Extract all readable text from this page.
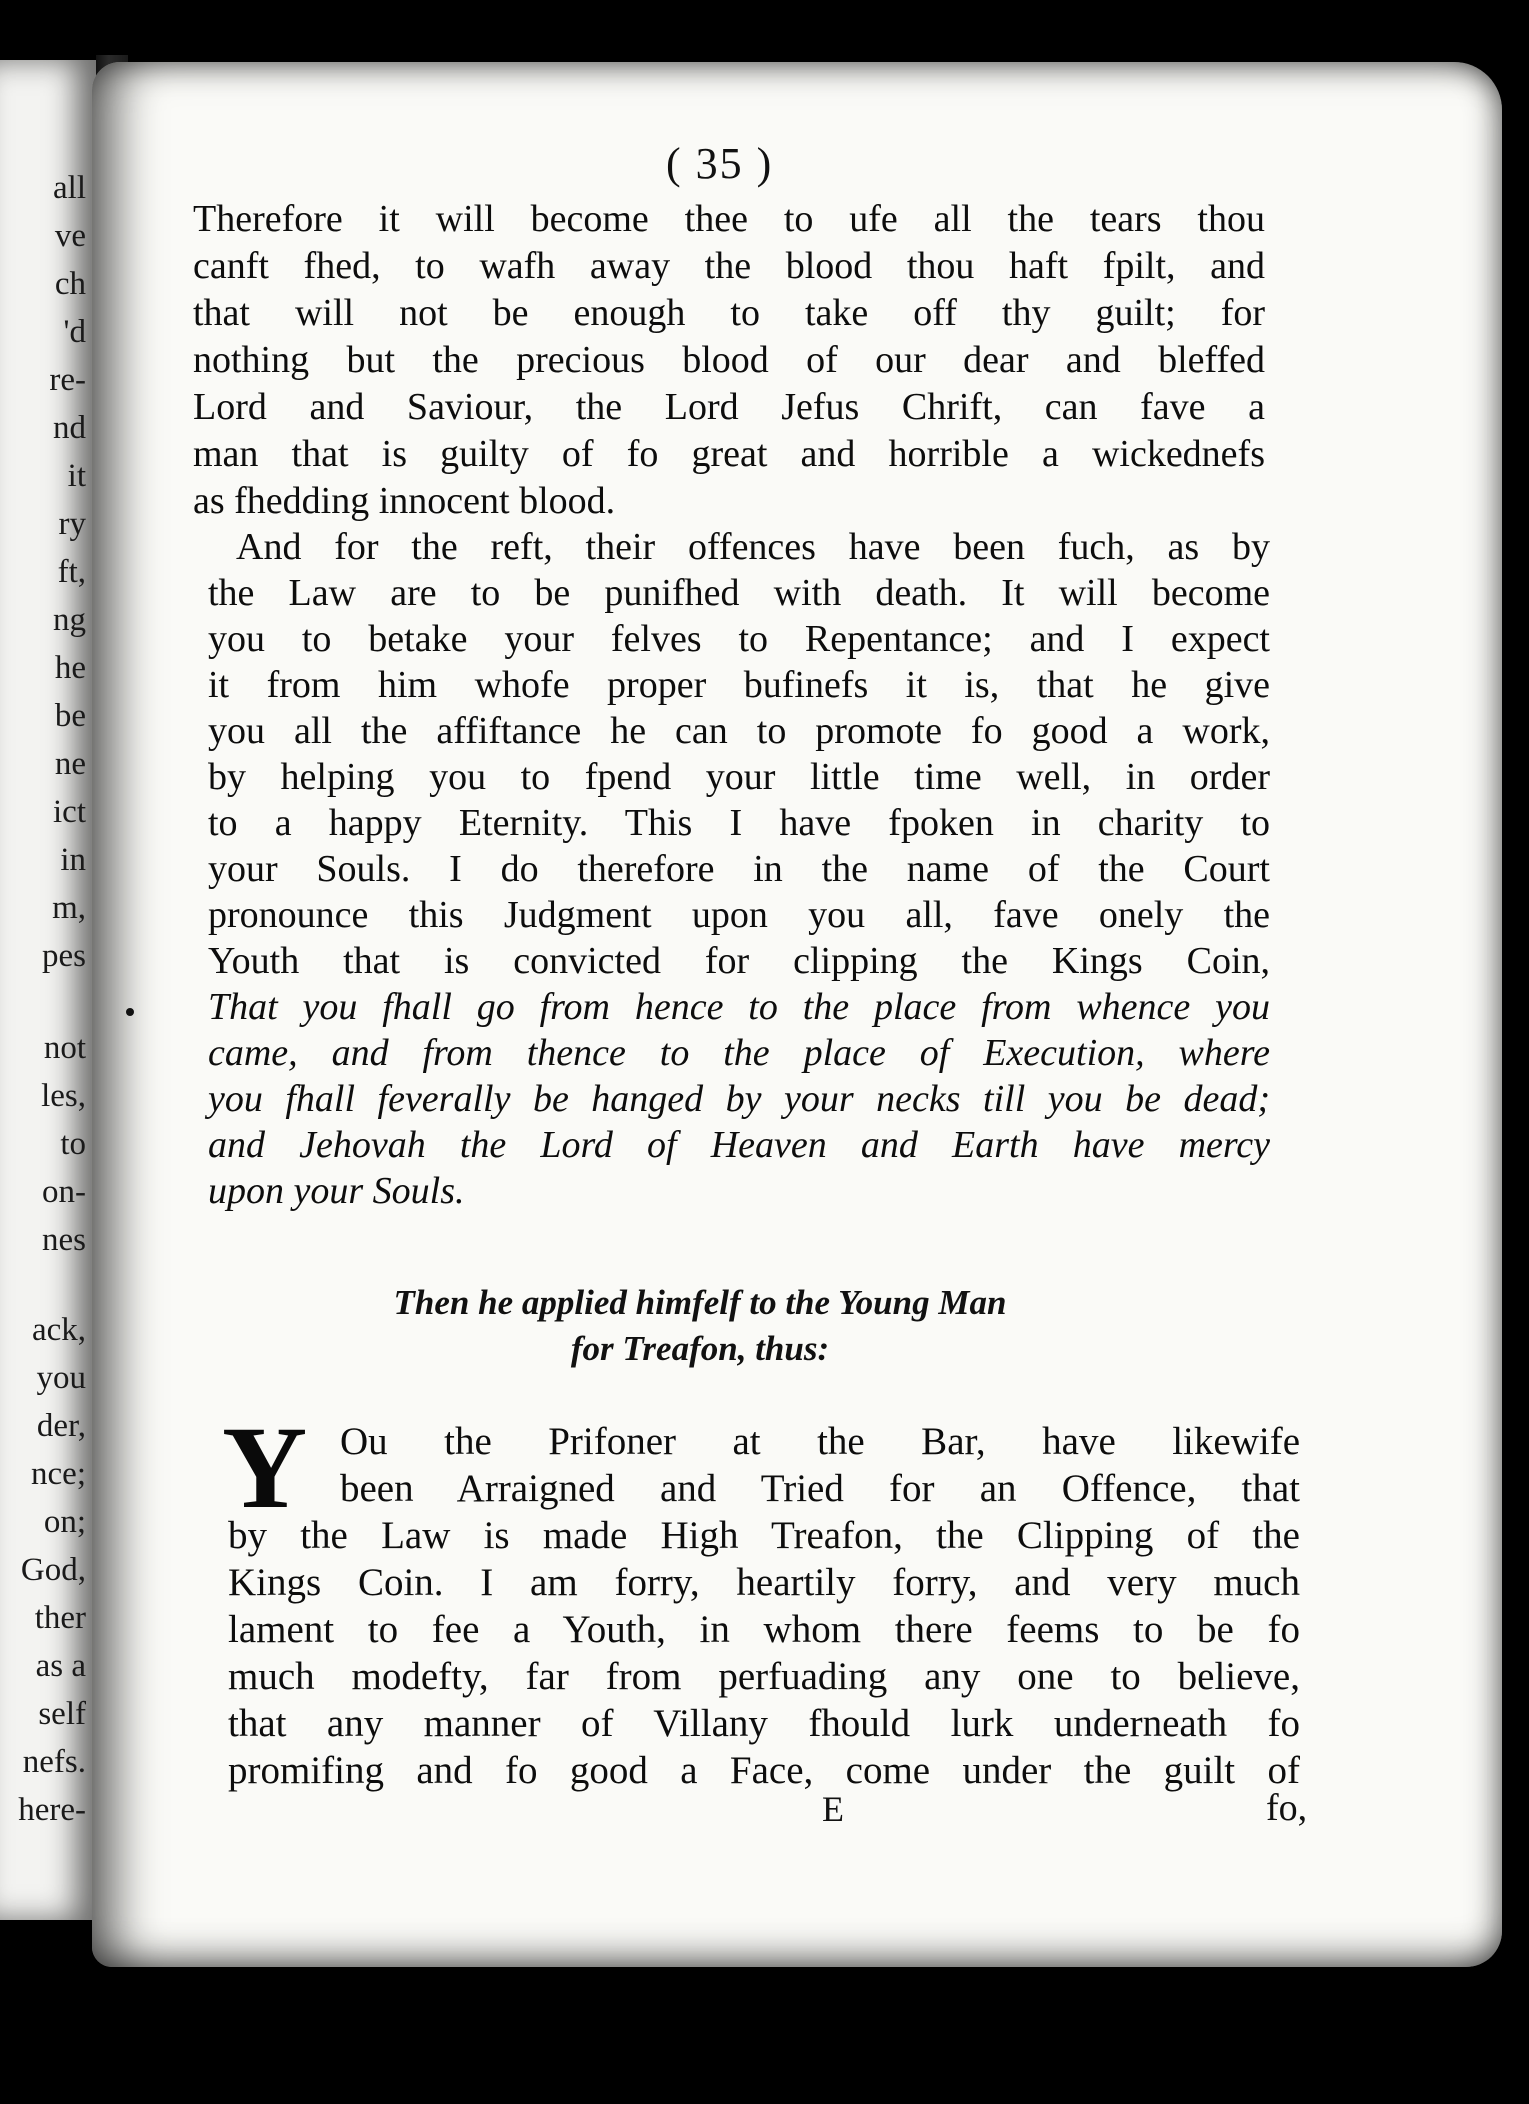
all
ve
ch
'd
re-
nd
it
ry
ft,
ng
he
be
ne
ict
in
m,
pes
not
les,
to
on-
nes
ack,
you
der,
nce;
on;
God,
ther
as a
self
nefs.
here-
( 35 )
Therefore it will become thee to ufe all the tears thou
canft fhed, to wafh away the blood thou haft fpilt, and
that will not be enough to take off thy guilt; for
nothing but the precious blood of our dear and bleffed
Lord and Saviour, the Lord Jefus Chrift, can fave a
man that is guilty of fo great and horrible a wickednefs
as fhedding innocent blood.
And for the reft, their offences have been fuch, as by
the Law are to be punifhed with death. It will become
you to betake your felves to Repentance; and I expect
it from him whofe proper bufinefs it is, that he give
you all the affiftance he can to promote fo good a work,
by helping you to fpend your little time well, in order
to a happy Eternity. This I have fpoken in charity to
your Souls. I do therefore in the name of the Court
pronounce this Judgment upon you all, fave onely the
Youth that is convicted for clipping the Kings Coin,
That you fhall go from hence to the place from whence you
came, and from thence to the place of Execution, where
you fhall feverally be hanged by your necks till you be dead;
and Jehovah the Lord of Heaven and Earth have mercy
upon your Souls.
Then he applied himfelf to the Young Man
for Treafon, thus:
Y Ou the Prifoner at the Bar, have likewife
been Arraigned and Tried for an Offence, that
by the Law is made High Treafon, the Clipping of the
Kings Coin. I am forry, heartily forry, and very much
lament to fee a Youth, in whom there feems to be fo
much modefty, far from perfuading any one to believe,
that any manner of Villany fhould lurk underneath fo
promifing and fo good a Face, come under the guilt of
E	fo,
